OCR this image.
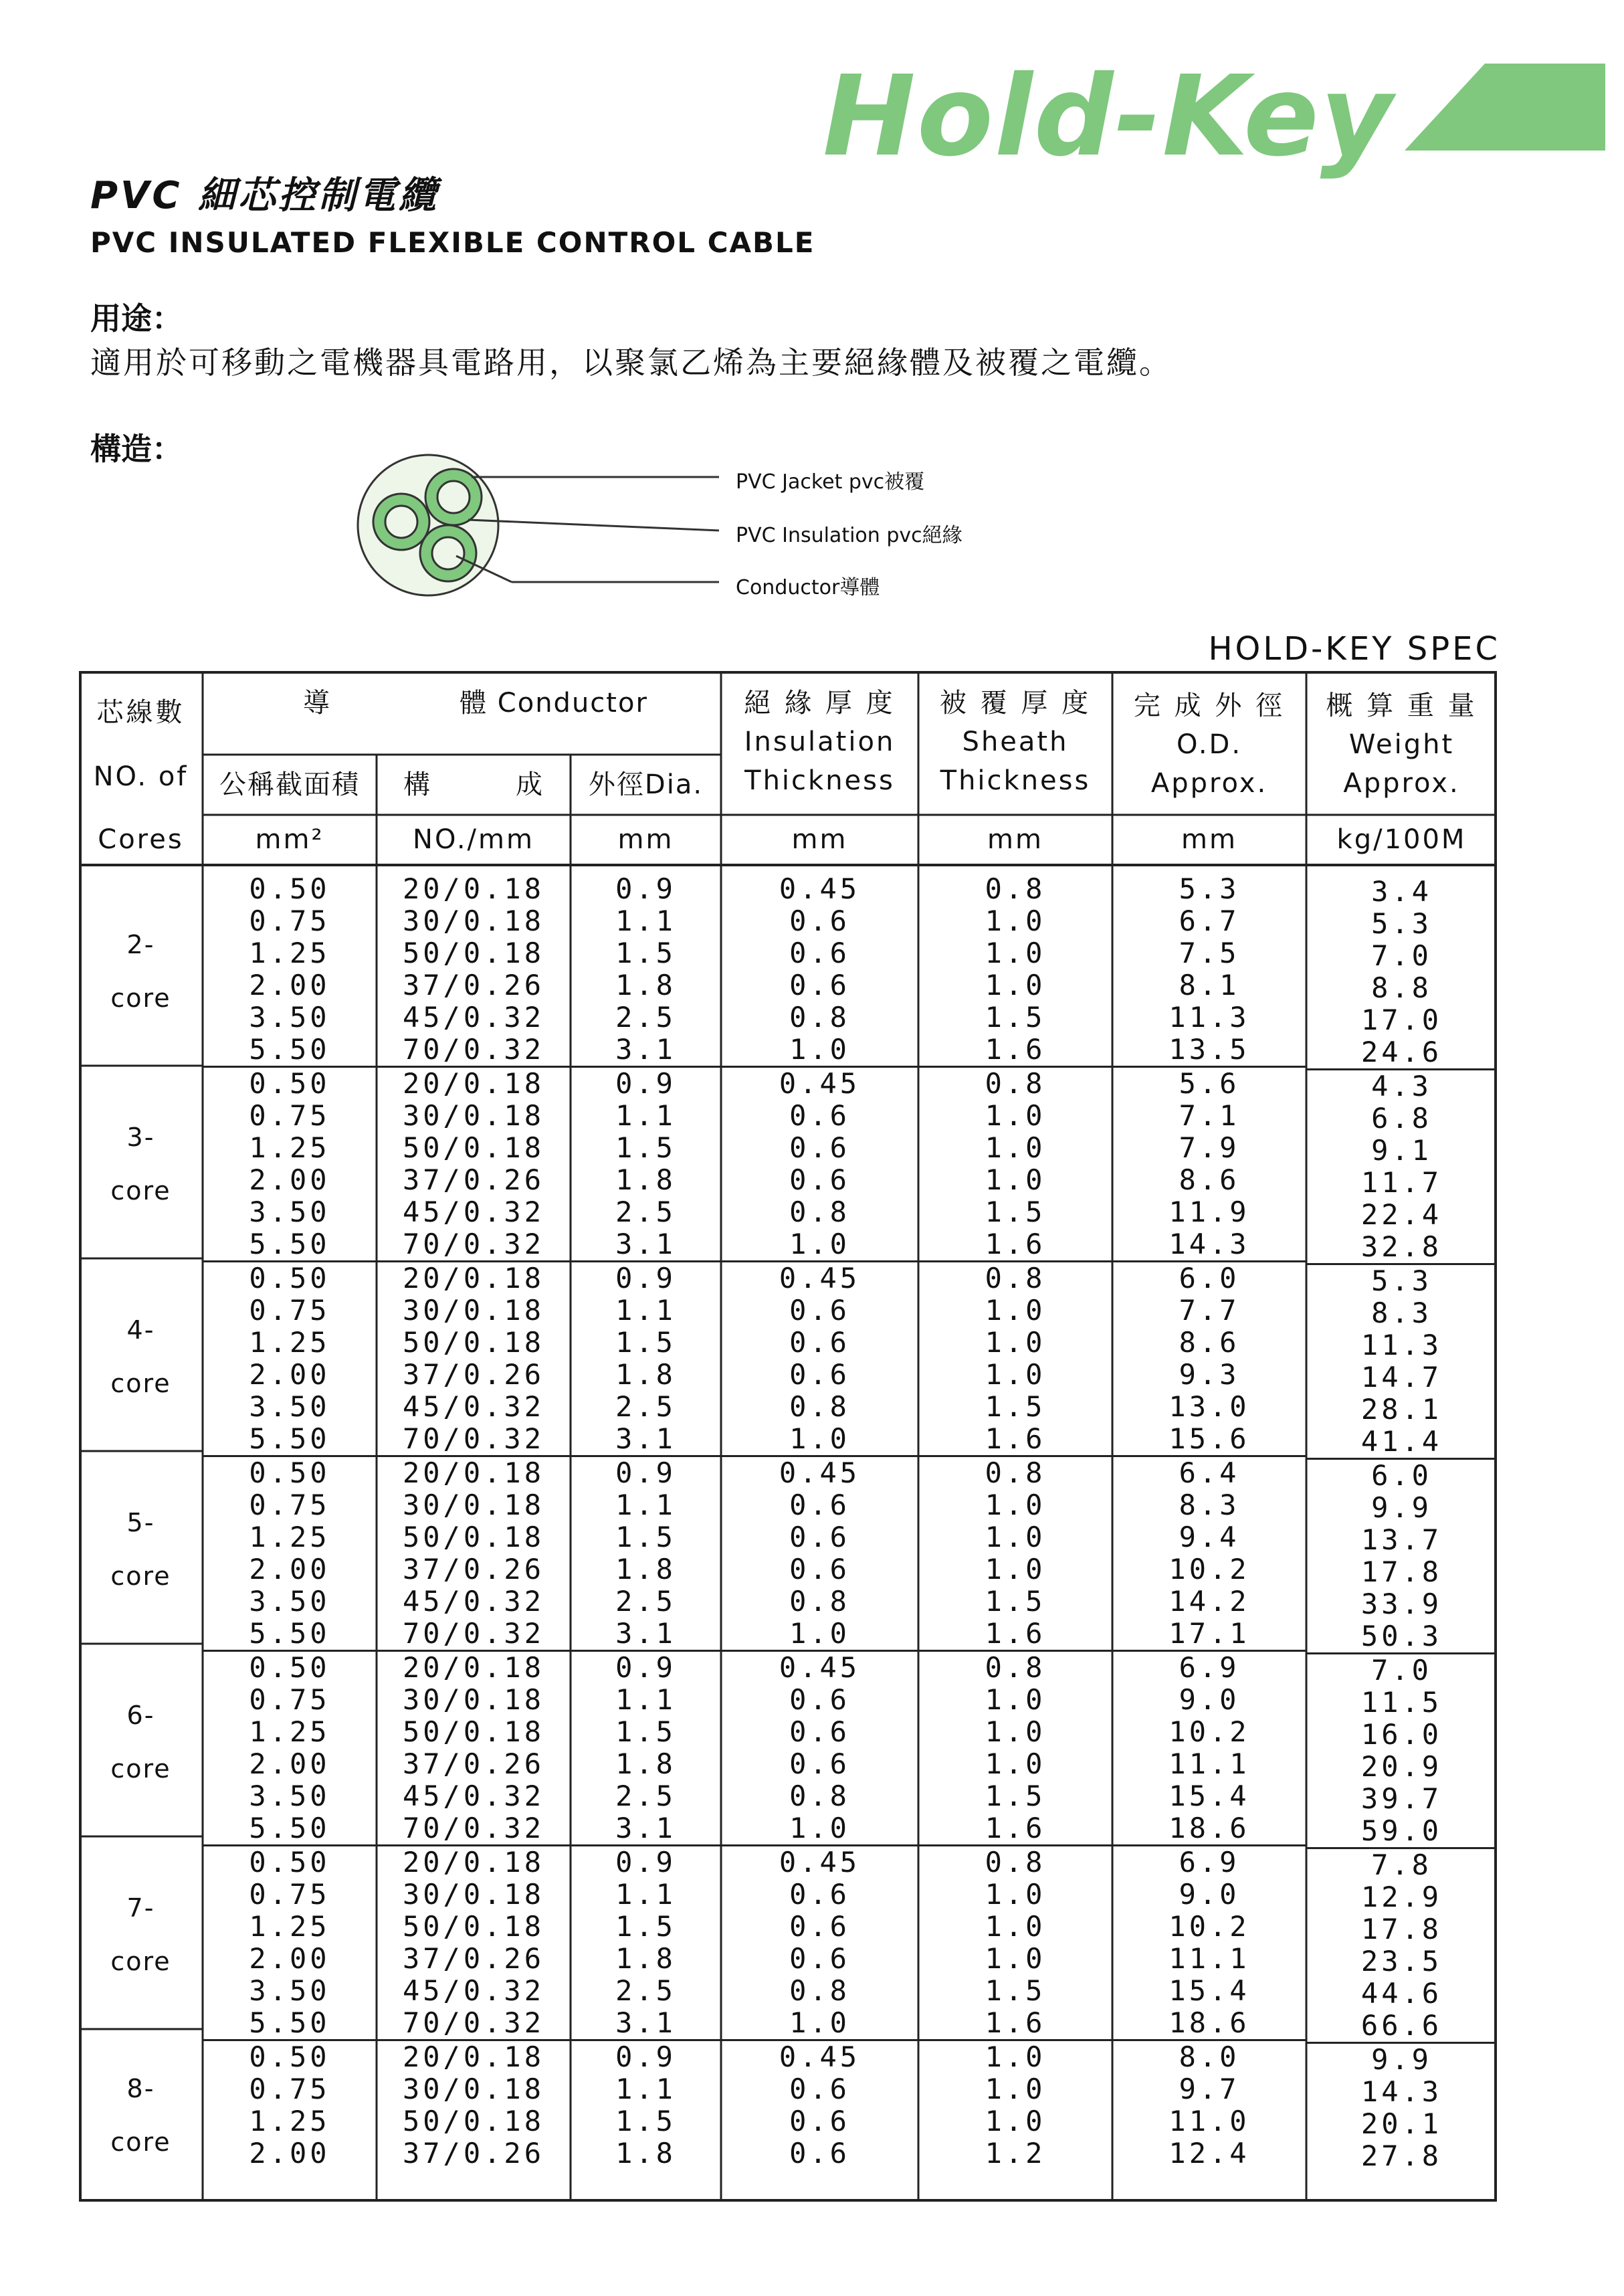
Hold-Key
PVC 細芯控制電纜
PVC INSULATED FLEXIBLE CONTROL CABLE
用途：
適用於可移動之電機器具電路用，以聚氯乙烯為主要絕緣體及被覆之電纜。
構造：
PVC Jacket pvc被覆
PVC Insulation pvc絕緣
Conductor導體
HOLD-KEY SPEC
芯線數
NO. of
Cores
導	體 Conductor
公稱截面積
mm²
構　　　成
NO./mm
外徑Dia.
mm
絕 緣 厚 度
Insulation
Thickness
mm
被 覆 厚 度
Sheath
Thickness
mm
完 成 外 徑
O.D.
Approx.
mm
概 算 重 量
Weight
Approx.
kg/100M
2-
core
3-
core
4-
core
5-
core
6-
core
7-
core
8-
core
0.50
0.75
1.25
2.00
3.50
5.50
0.50
0.75
1.25
2.00
3.50
5.50
0.50
0.75
1.25
2.00
3.50
5.50
0.50
0.75
1.25
2.00
3.50
5.50
0.50
0.75
1.25
2.00
3.50
5.50
0.50
0.75
1.25
2.00
3.50
5.50
0.50
0.75
1.25
2.00
20/0.18
30/0.18
50/0.18
37/0.26
45/0.32
70/0.32
20/0.18
30/0.18
50/0.18
37/0.26
45/0.32
70/0.32
20/0.18
30/0.18
50/0.18
37/0.26
45/0.32
70/0.32
20/0.18
30/0.18
50/0.18
37/0.26
45/0.32
70/0.32
20/0.18
30/0.18
50/0.18
37/0.26
45/0.32
70/0.32
20/0.18
30/0.18
50/0.18
37/0.26
45/0.32
70/0.32
20/0.18
30/0.18
50/0.18
37/0.26
0.9
1.1
1.5
1.8
2.5
3.1
0.9
1.1
1.5
1.8
2.5
3.1
0.9
1.1
1.5
1.8
2.5
3.1
0.9
1.1
1.5
1.8
2.5
3.1
0.9
1.1
1.5
1.8
2.5
3.1
0.9
1.1
1.5
1.8
2.5
3.1
0.9
1.1
1.5
1.8
0.45
0.6
0.6
0.6
0.8
1.0
0.45
0.6
0.6
0.6
0.8
1.0
0.45
0.6
0.6
0.6
0.8
1.0
0.45
0.6
0.6
0.6
0.8
1.0
0.45
0.6
0.6
0.6
0.8
1.0
0.45
0.6
0.6
0.6
0.8
1.0
0.45
0.6
0.6
0.6
0.8
1.0
1.0
1.0
1.5
1.6
0.8
1.0
1.0
1.0
1.5
1.6
0.8
1.0
1.0
1.0
1.5
1.6
0.8
1.0
1.0
1.0
1.5
1.6
0.8
1.0
1.0
1.0
1.5
1.6
0.8
1.0
1.0
1.0
1.5
1.6
1.0
1.0
1.0
1.2
5.3
6.7
7.5
8.1
11.3
13.5
5.6
7.1
7.9
8.6
11.9
14.3
6.0
7.7
8.6
9.3
13.0
15.6
6.4
8.3
9.4
10.2
14.2
17.1
6.9
9.0
10.2
11.1
15.4
18.6
6.9
9.0
10.2
11.1
15.4
18.6
8.0
9.7
11.0
12.4
3.4
5.3
7.0
8.8
17.0
24.6
4.3
6.8
9.1
11.7
22.4
32.8
5.3
8.3
11.3
14.7
28.1
41.4
6.0
9.9
13.7
17.8
33.9
50.3
7.0
11.5
16.0
20.9
39.7
59.0
7.8
12.9
17.8
23.5
44.6
66.6
9.9
14.3
20.1
27.8
